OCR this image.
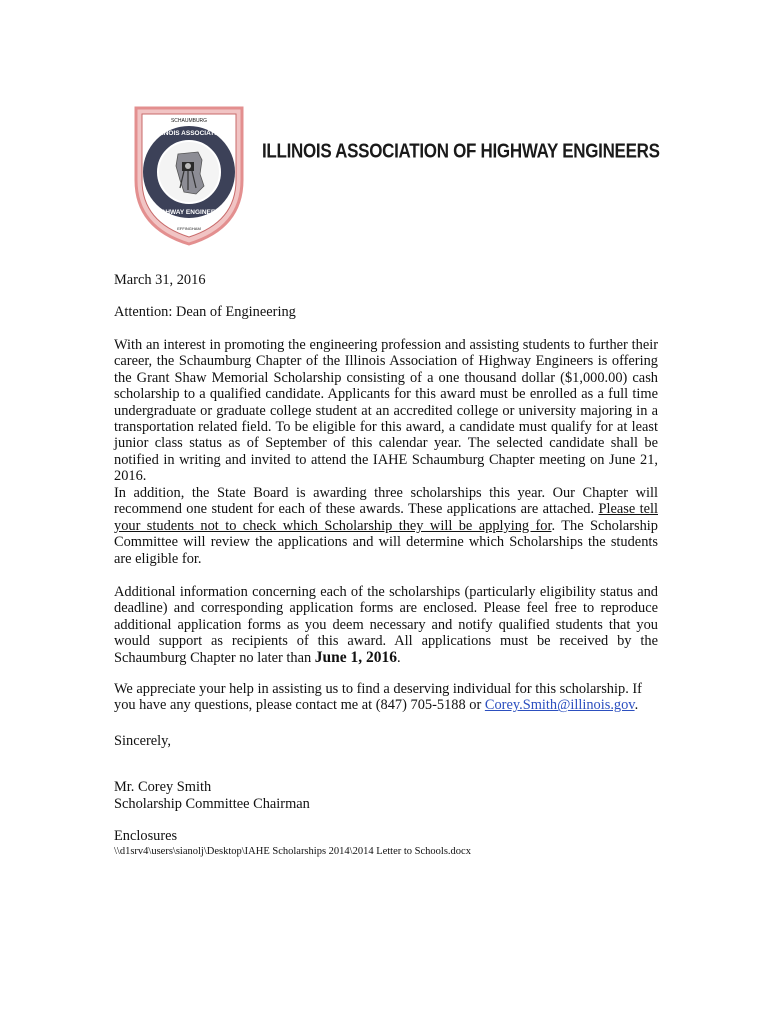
SCHAUMBURG
ILLINOIS ASSOCIATION
HIGHWAY ENGINEERS
EFFINGHAM
ILLINOIS ASSOCIATION OF HIGHWAY ENGINEERS
March 31, 2016
Attention: Dean of Engineering
With an interest in promoting the engineering profession and assisting students to further their career, the Schaumburg Chapter of the Illinois Association of Highway Engineers is offering the Grant Shaw Memorial Scholarship consisting of a one thousand dollar ($1,000.00) cash scholarship to a qualified candidate. Applicants for this award must be enrolled as a full time undergraduate or graduate college student at an accredited college or university majoring in a transportation related field. To be eligible for this award, a candidate must qualify for at least junior class status as of September of this calendar year. The selected candidate shall be notified in writing and invited to attend the IAHE Schaumburg Chapter meeting on June 21, 2016.
In addition, the State Board is awarding three scholarships this year. Our Chapter will recommend one student for each of these awards. These applications are attached. Please tell your students not to check which Scholarship they will be applying for. The Scholarship Committee will review the applications and will determine which Scholarships the students are eligible for.
Additional information concerning each of the scholarships (particularly eligibility status and deadline) and corresponding application forms are enclosed. Please feel free to reproduce additional application forms as you deem necessary and notify qualified students that you would support as recipients of this award. All applications must be received by the Schaumburg Chapter no later than June 1, 2016.
We appreciate your help in assisting us to find a deserving individual for this scholarship. If you have any questions, please contact me at (847) 705-5188 or Corey.Smith@illinois.gov.
Sincerely,
Mr. Corey Smith
Scholarship Committee Chairman
Enclosures
\\d1srv4\users\sianolj\Desktop\IAHE Scholarships 2014\2014 Letter to Schools.docx
